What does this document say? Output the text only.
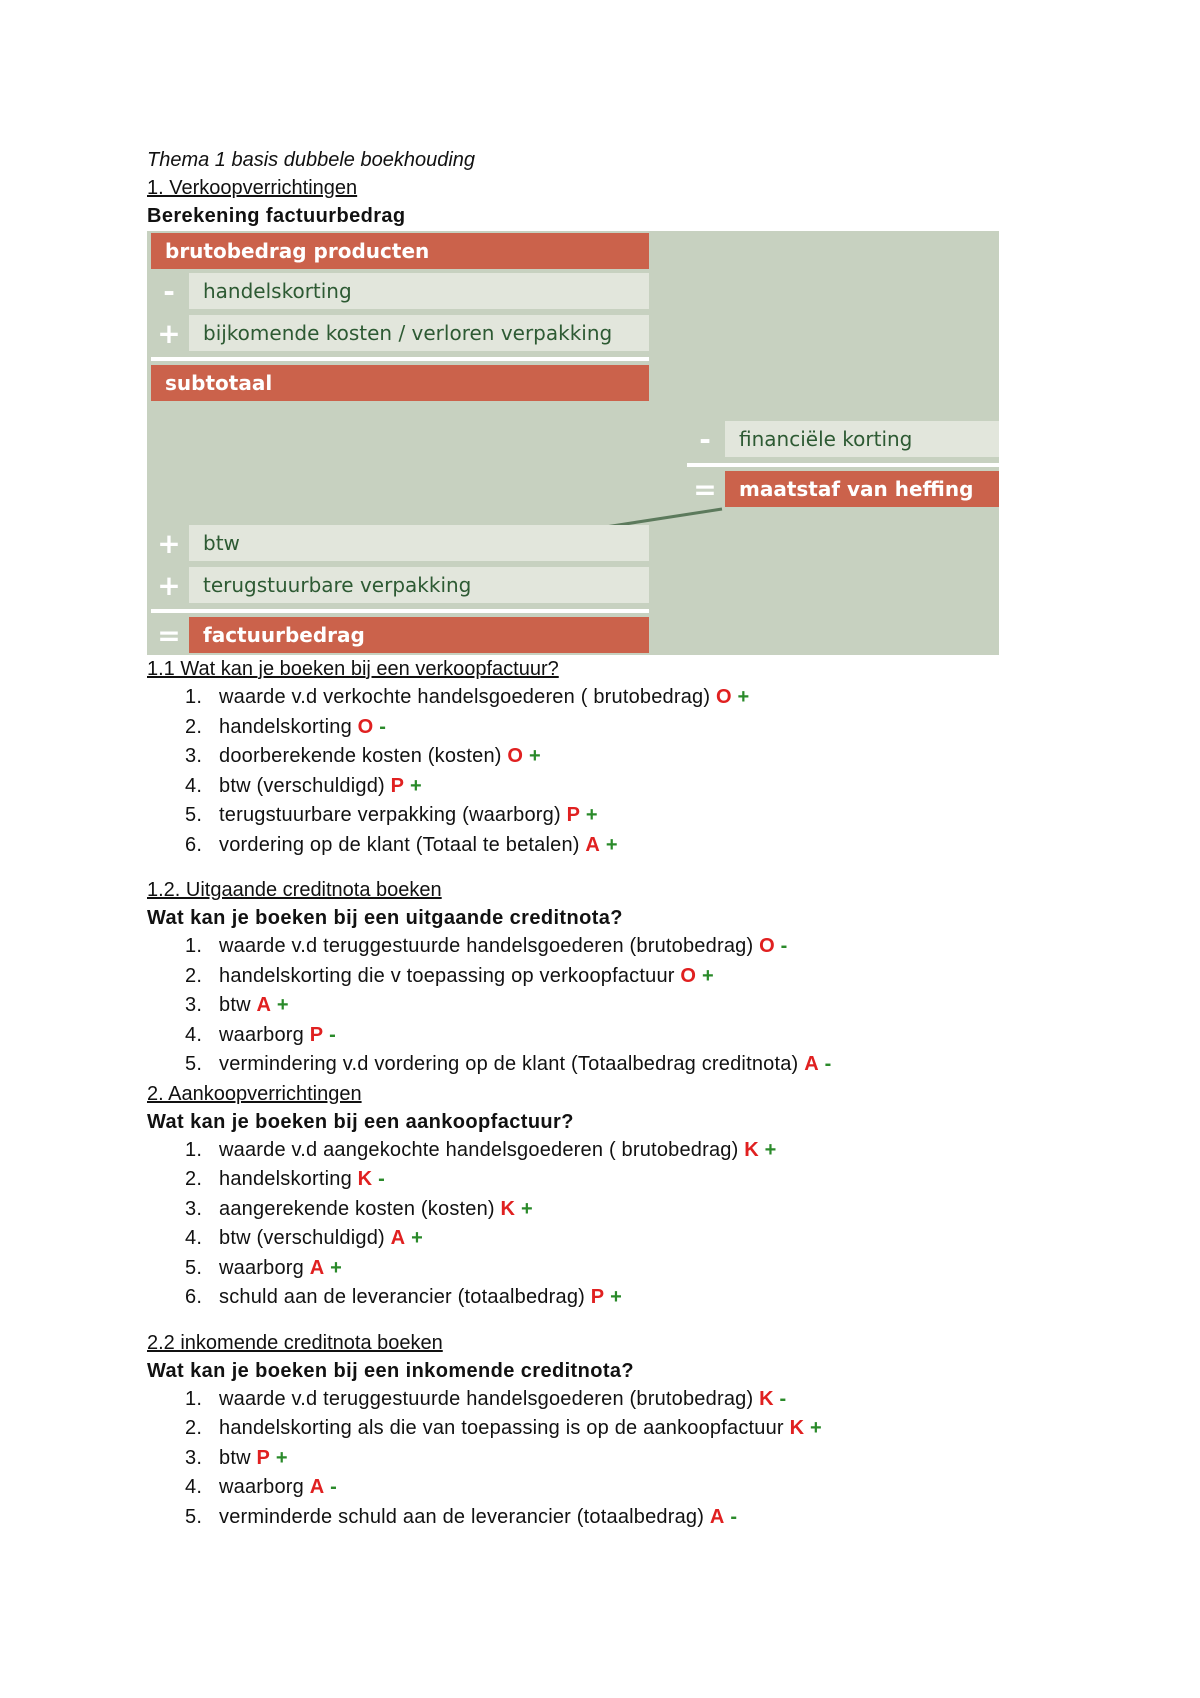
Thema 1 basis dubbele boekhouding

1. Verkoopverrichtingen

Berekening factuurbedrag

brutobedrag producten
-	handelskorting
+	bijkomende kosten / verloren verpakking
subtotaal
-	financiële korting
=	maatstaf van heffing
+	btw
+	terugstuurbare verpakking
=	factuurbedrag

1.1 Wat kan je boeken bij een verkoopfactuur?

1. waarde v.d verkochte handelsgoederen ( brutobedrag) O +
2. handelskorting O -
3. doorberekende kosten (kosten) O +
4. btw (verschuldigd) P +
5. terugstuurbare verpakking (waarborg) P +
6. vordering op de klant (Totaal te betalen) A +

1.2. Uitgaande creditnota boeken

Wat kan je boeken bij een uitgaande creditnota?

1. waarde v.d teruggestuurde handelsgoederen (brutobedrag) O -
2. handelskorting die v toepassing op verkoopfactuur O +
3. btw A +
4. waarborg P -
5. vermindering v.d vordering op de klant (Totaalbedrag creditnota) A -

2. Aankoopverrichtingen

Wat kan je boeken bij een aankoopfactuur?

1. waarde v.d aangekochte handelsgoederen ( brutobedrag) K +
2. handelskorting K -
3. aangerekende kosten (kosten) K +
4. btw (verschuldigd) A +
5. waarborg A +
6. schuld aan de leverancier (totaalbedrag) P +

2.2 inkomende creditnota boeken

Wat kan je boeken bij een inkomende creditnota?

1. waarde v.d teruggestuurde handelsgoederen (brutobedrag) K -
2. handelskorting als die van toepassing is op de aankoopfactuur K +
3. btw P +
4. waarborg A -
5. verminderde schuld aan de leverancier (totaalbedrag) A -
